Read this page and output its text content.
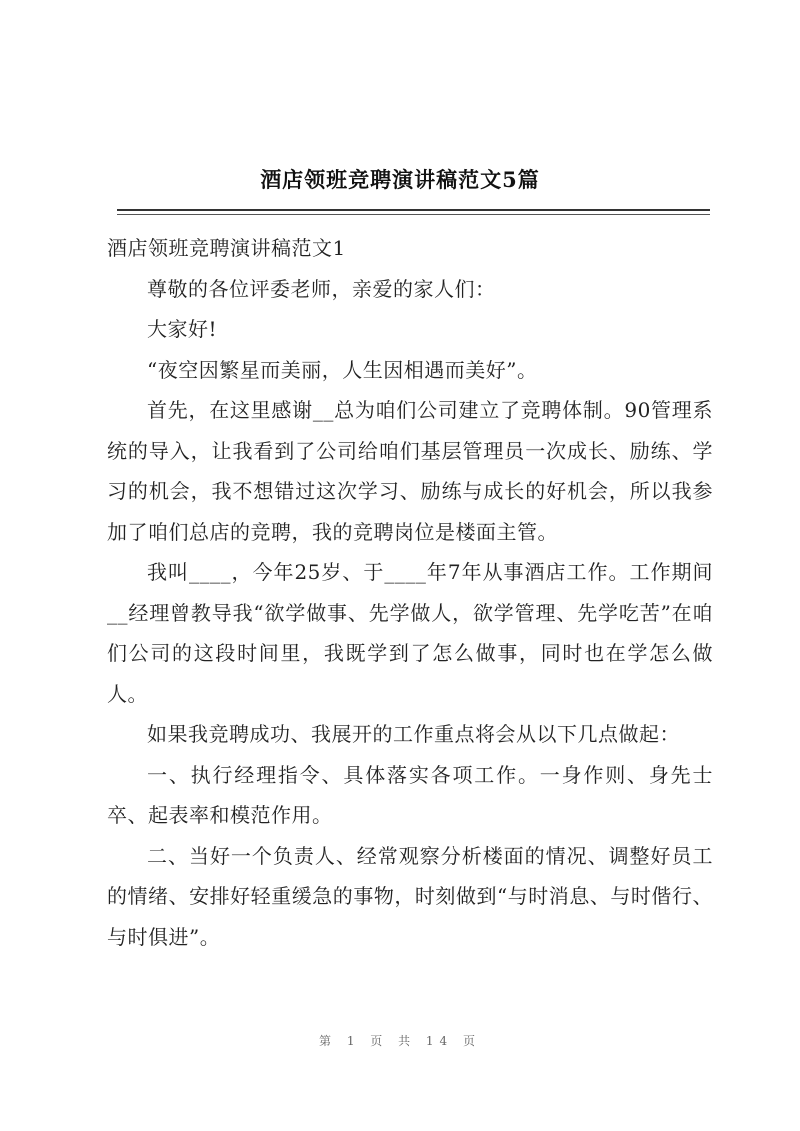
酒店领班竞聘演讲稿范文5篇

酒店领班竞聘演讲稿范文1

尊敬的各位评委老师，亲爱的家人们：

大家好!

“夜空因繁星而美丽，人生因相遇而美好”。

首先，在这里感谢__总为咱们公司建立了竞聘体制。90管理系统的导入，让我看到了公司给咱们基层管理员一次成长、励练、学习的机会，我不想错过这次学习、励练与成长的好机会，所以我参加了咱们总店的竞聘，我的竞聘岗位是楼面主管。

我叫____，今年25岁、于____年7年从事酒店工作。工作期间__经理曾教导我“欲学做事、先学做人，欲学管理、先学吃苦”在咱们公司的这段时间里，我既学到了怎么做事，同时也在学怎么做人。

如果我竞聘成功、我展开的工作重点将会从以下几点做起：

一、执行经理指令、具体落实各项工作。一身作则、身先士卒、起表率和模范作用。

二、当好一个负责人、经常观察分析楼面的情况、调整好员工的情绪、安排好轻重缓急的事物，时刻做到“与时消息、与时偕行、与时俱进”。

第 1 页 共 14 页
